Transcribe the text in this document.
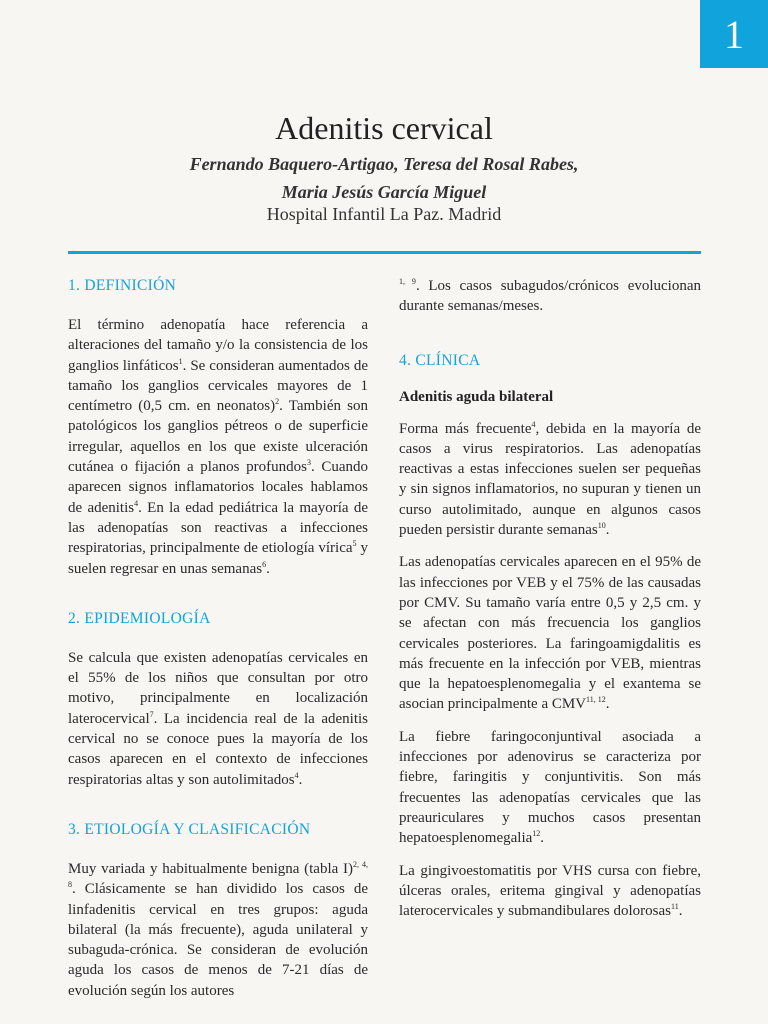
1
Adenitis cervical
Fernando Baquero-Artigao, Teresa del Rosal Rabes,
Maria Jesús García Miguel
Hospital Infantil La Paz. Madrid
1. DEFINICIÓN

El término adenopatía hace referencia a alteraciones del tamaño y/o la consistencia de los ganglios linfáticos$^1$. Se consideran aumentados de tamaño los ganglios cervicales mayores de 1 centímetro (0,5 cm. en neonatos)$^2$. También son patológicos los ganglios pétreos o de superficie irregular, aquellos en los que existe ulceración cutánea o fijación a planos profundos$^3$. Cuando aparecen signos inflamatorios locales hablamos de adenitis$^4$. En la edad pediátrica la mayoría de las adenopatías son reactivas a infecciones respiratorias, principalmente de etiología vírica$^5$ y suelen regresar en unas semanas$^6$.

2. EPIDEMIOLOGÍA

Se calcula que existen adenopatías cervicales en el 55% de los niños que consultan por otro motivo, principalmente en localización laterocervical$^7$. La incidencia real de la adenitis cervical no se conoce pues la mayoría de los casos aparecen en el contexto de infecciones respiratorias altas y son autolimitados$^4$.

3. ETIOLOGÍA Y CLASIFICACIÓN

Muy variada y habitualmente benigna (tabla I)$^{2, 4, 8}$. Clásicamente se han dividido los casos de linfadenitis cervical en tres grupos: aguda bilateral (la más frecuente), aguda unilateral y subaguda-crónica. Se consideran de evolución aguda los casos de menos de 7-21 días de evolución según los autores

$^{1, 9}$. Los casos subagudos/crónicos evolucionan durante semanas/meses.

4. CLÍNICA
Adenitis aguda bilateral

Forma más frecuente$^4$, debida en la mayoría de casos a virus respiratorios. Las adenopatías reactivas a estas infecciones suelen ser pequeñas y sin signos inflamatorios, no supuran y tienen un curso autolimitado, aunque en algunos casos pueden persistir durante semanas$^{10}$.

Las adenopatías cervicales aparecen en el 95% de las infecciones por VEB y el 75% de las causadas por CMV. Su tamaño varía entre 0,5 y 2,5 cm. y se afectan con más frecuencia los ganglios cervicales posteriores. La faringoamigdalitis es más frecuente en la infección por VEB, mientras que la hepatoesplenomegalia y el exantema se asocian principalmente a CMV$^{11, 12}$.

La fiebre faringoconjuntival asociada a infecciones por adenovirus se caracteriza por fiebre, faringitis y conjuntivitis. Son más frecuentes las adenopatías cervicales que las preauriculares y muchos casos presentan hepatoesplenomegalia$^{12}$.

La gingivoestomatitis por VHS cursa con fiebre, úlceras orales, eritema gingival y adenopatías laterocervicales y submandibulares dolorosas$^{11}$.
